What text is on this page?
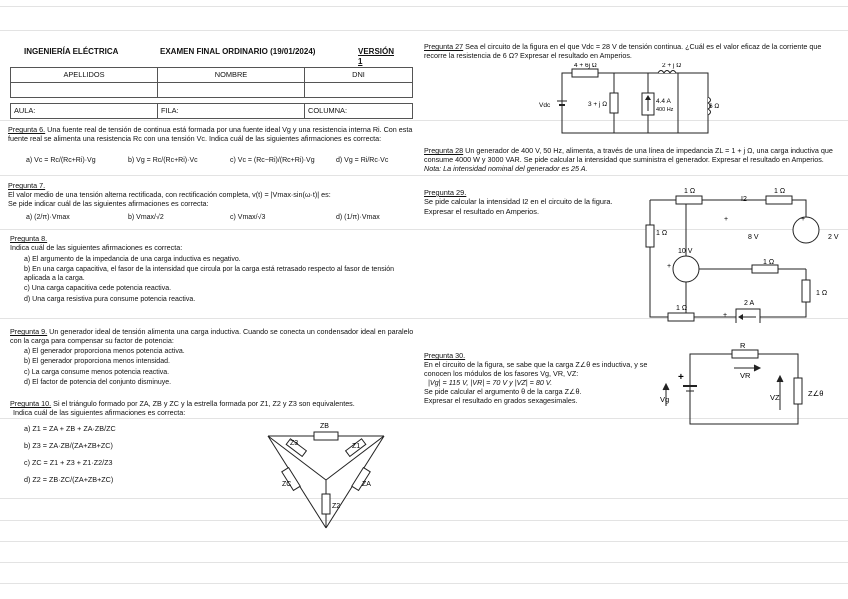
INGENIERÍA ELÉCTRICA	EXAMEN FINAL ORDINARIO (19/01/2024)	VERSIÓN 1
APELLIDOS	NOMBRE	DNI

AULA:	FILA:	COLUMNA:
Pregunta 6. Una fuente real de tensión de continua está formada por una fuente ideal Vg y una resistencia interna Ri. Con esta fuente real se alimenta una resistencia Rc con una tensión Vc. Indica cuál de las siguientes afirmaciones es correcta:
a) Vc = Rc/(Rc+Ri)·Vg	b) Vg = Rc/(Rc+Ri)·Vc	c) Vc = (Rc−Ri)/(Rc+Ri)·Vg	d) Vg = Ri/Rc·Vc
Pregunta 7.
El valor medio de una tensión alterna rectificada, con rectificación completa, v(t) = |Vmax·sin(ω·t)| es:
Se pide indicar cuál de las siguientes afirmaciones es correcta:
a) (2/π)·Vmax	b) Vmax/√2	c) Vmax/√3	d) (1/π)·Vmax
Pregunta 8.
Indica cuál de las siguientes afirmaciones es correcta:
a) El argumento de la impedancia de una carga inductiva es negativo.
b) En una carga capacitiva, el fasor de la intensidad que circula por la carga está retrasado respecto al fasor de tensión aplicada a la carga.
c) Una carga capacitiva cede potencia reactiva.
d) Una carga resistiva pura consume potencia reactiva.
Pregunta 9. Un generador ideal de tensión alimenta una carga inductiva. Cuando se conecta un condensador ideal en paralelo con la carga para compensar su factor de potencia:
a) El generador proporciona menos potencia activa.
b) El generador proporciona menos intensidad.
c) La carga consume menos potencia reactiva.
d) El factor de potencia del conjunto disminuye.
Pregunta 10. Si el triángulo formado por ZA, ZB y ZC y la estrella formada por Z1, Z2 y Z3 son equivalentes.
Indica cuál de las siguientes afirmaciones es correcta:
a) Z1 = ZA + ZB + ZA·ZB/ZC
b) Z3 = ZA·ZB/(ZA+ZB+ZC)
c) ZC = Z1 + Z3 + Z1·Z2/Z3
d) Z2 = ZB·ZC/(ZA+ZB+ZC)
ZB
Z3	Z1
ZC	ZA
Z2
Pregunta 27 Sea el circuito de la figura en el que Vdc = 28 V de tensión continua. ¿Cuál es el valor eficaz de la corriente que recorre la resistencia de 6 Ω? Expresar el resultado en Amperios.
4 + 6j Ω	2 + j Ω
Vdc	3 + j Ω	4.4 A
400 Hz	6 Ω
Pregunta 28 Un generador de 400 V, 50 Hz, alimenta, a través de una línea de impedancia ZL = 1 + j Ω, una carga inductiva que consume 4000 W y 3000 VAR. Se pide calcular la intensidad que suministra el generador. Expresar el resultado en Amperios. Nota: La intensidad nominal del generador es 25 A.
Pregunta 29.
Se pide calcular la intensidad I2 en el circuito de la figura.
Expresar el resultado en Amperios.
1 Ω
I2
1 Ω
+	+
1 Ω
8 V	2 V
10 V
+
1 Ω
1 Ω
2 A
+
1 Ω
Pregunta 30.
En el circuito de la figura, se sabe que la carga Z∠θ es inductiva, y se conocen los módulos de los fasores Vg, VR, VZ:
|Vg| = 115 V, |VR| = 70 V y |VZ| = 80 V.
Se pide calcular el argumento θ de la carga Z∠θ.
Expresar el resultado en grados sexagesimales.
R
VR
+
Vg	VZ	Z∠θ
